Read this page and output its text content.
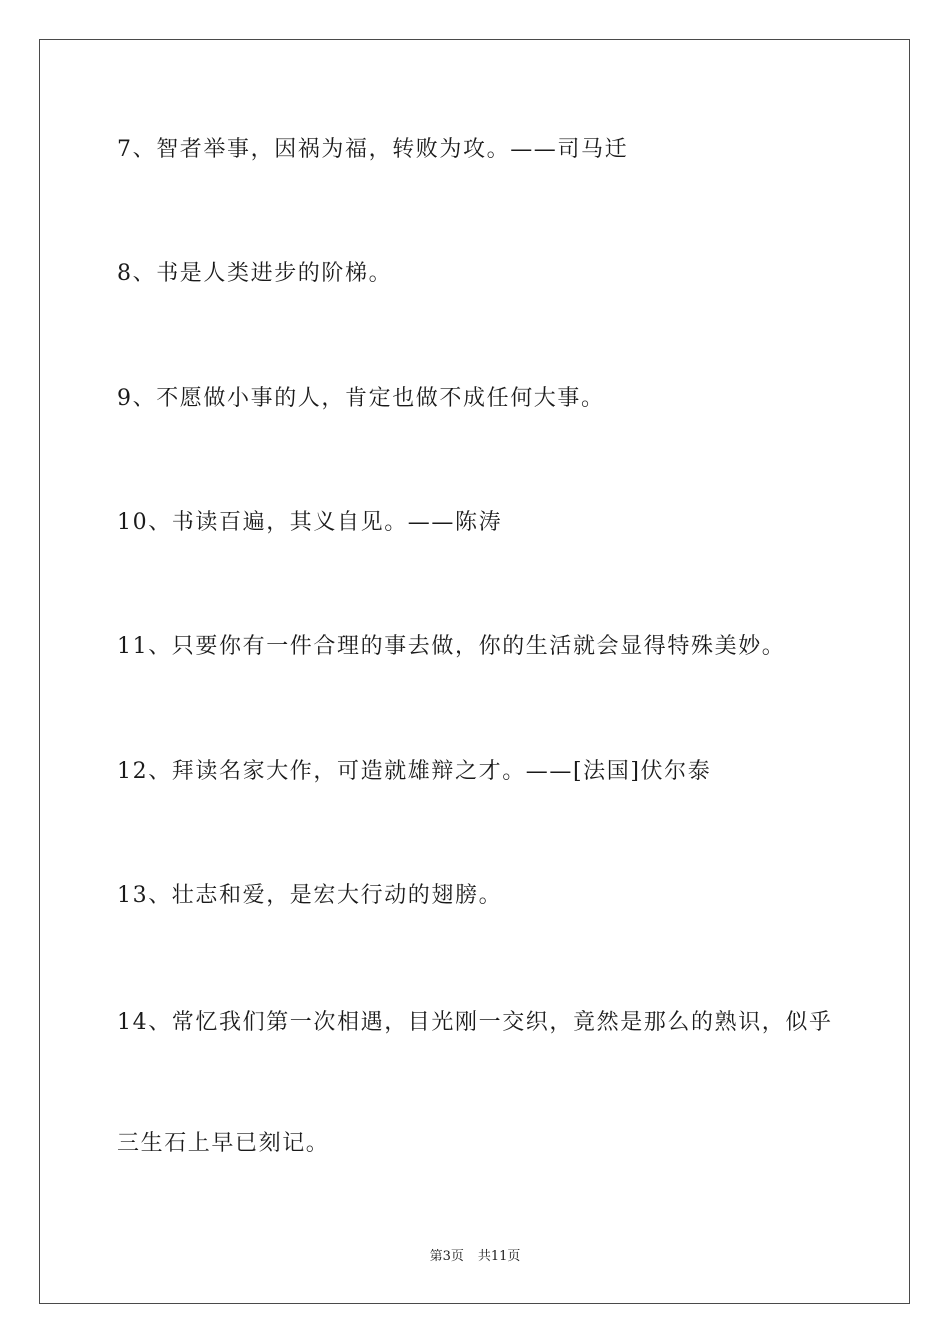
7、智者举事，因祸为福，转败为攻。——司马迁
8、书是人类进步的阶梯。
9、不愿做小事的人，肯定也做不成任何大事。
10、书读百遍，其义自见。——陈涛
11、只要你有一件合理的事去做，你的生活就会显得特殊美妙。
12、拜读名家大作，可造就雄辩之才。——[法国]伏尔泰
13、壮志和爱，是宏大行动的翅膀。
14、常忆我们第一次相遇，目光刚一交织，竟然是那么的熟识，似乎
三生石上早已刻记。
第3页 共11页
